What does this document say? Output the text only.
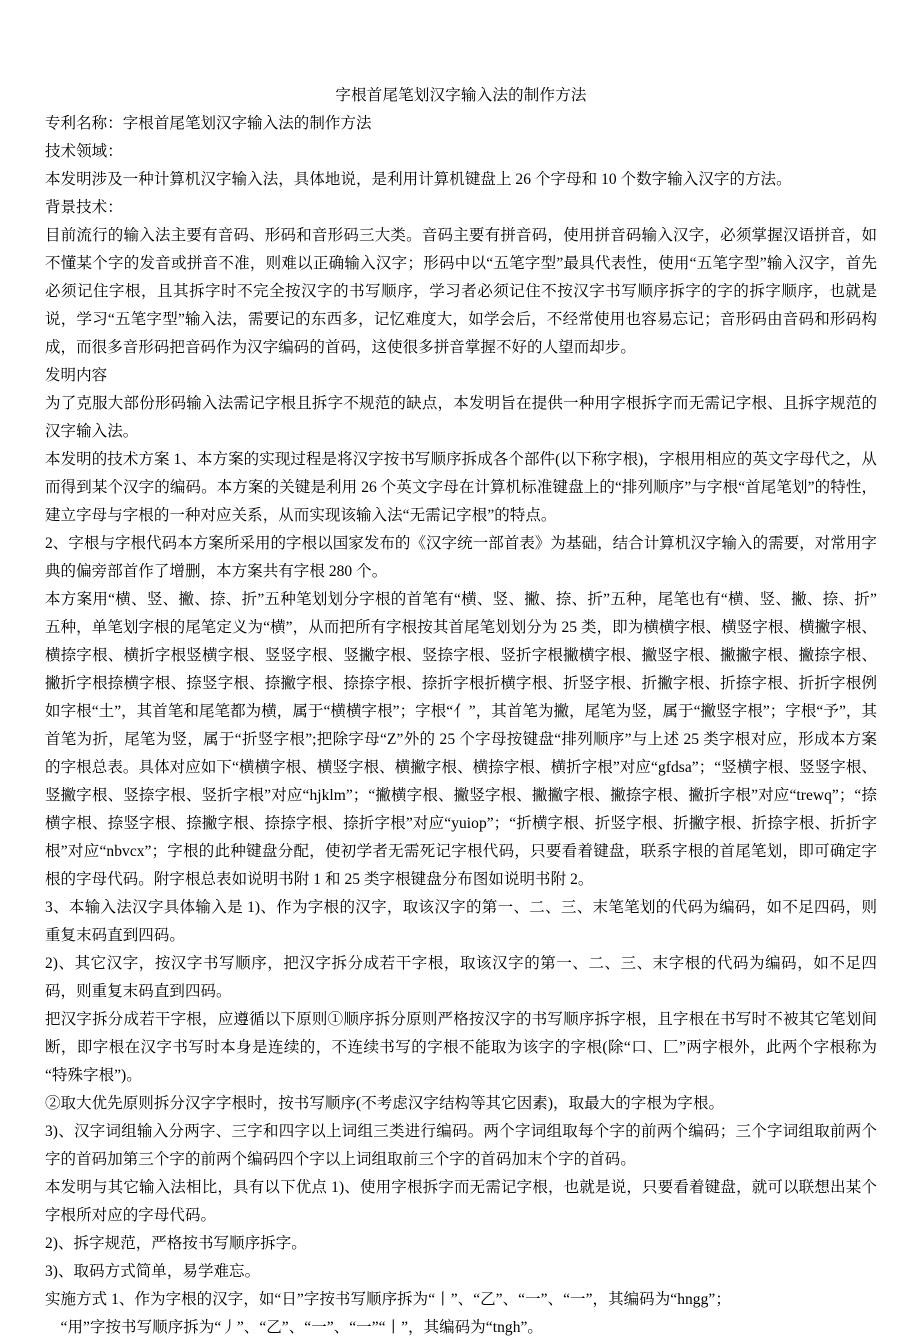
字根首尾笔划汉字输入法的制作方法

专利名称：字根首尾笔划汉字输入法的制作方法

技术领域：

本发明涉及一种计算机汉字输入法，具体地说，是利用计算机键盘上 26 个字母和 10 个数字输入汉字的方法。

背景技术：

目前流行的输入法主要有音码、形码和音形码三大类。音码主要有拼音码，使用拼音码输入汉字，必须掌握汉语拼音，如不懂某个字的发音或拼音不准，则难以正确输入汉字；形码中以“五笔字型”最具代表性，使用“五笔字型”输入汉字，首先必须记住字根，且其拆字时不完全按汉字的书写顺序，学习者必须记住不按汉字书写顺序拆字的字的拆字顺序，也就是说，学习“五笔字型”输入法，需要记的东西多，记忆难度大，如学会后，不经常使用也容易忘记；音形码由音码和形码构成，而很多音形码把音码作为汉字编码的首码，这使很多拼音掌握不好的人望而却步。

发明内容

为了克服大部份形码输入法需记字根且拆字不规范的缺点，本发明旨在提供一种用字根拆字而无需记字根、且拆字规范的汉字输入法。

本发明的技术方案 1、本方案的实现过程是将汉字按书写顺序拆成各个部件(以下称字根)，字根用相应的英文字母代之，从而得到某个汉字的编码。本方案的关键是利用 26 个英文字母在计算机标准键盘上的“排列顺序”与字根“首尾笔划”的特性，建立字母与字根的一种对应关系，从而实现该输入法“无需记字根”的特点。

2、字根与字根代码本方案所采用的字根以国家发布的《汉字统一部首表》为基础，结合计算机汉字输入的需要，对常用字典的偏旁部首作了增删，本方案共有字根 280 个。

本方案用“横、竖、撇、捺、折”五种笔划划分字根的首笔有“横、竖、撇、捺、折”五种，尾笔也有“横、竖、撇、捺、折”五种，单笔划字根的尾笔定义为“横”，从而把所有字根按其首尾笔划划分为 25 类，即为横横字根、横竖字根、横撇字根、横捺字根、横折字根竖横字根、竖竖字根、竖撇字根、竖捺字根、竖折字根撇横字根、撇竖字根、撇撇字根、撇捺字根、撇折字根捺横字根、捺竖字根、捺撇字根、捺捺字根、捺折字根折横字根、折竖字根、折撇字根、折捺字根、折折字根例如字根“土”，其首笔和尾笔都为横，属于“横横字根”；字根“亻”，其首笔为撇，尾笔为竖，属于“撇竖字根”；字根“予”，其首笔为折，尾笔为竖，属于“折竖字根”;把除字母“Z”外的 25 个字母按键盘“排列顺序”与上述 25 类字根对应，形成本方案的字根总表。具体对应如下“横横字根、横竖字根、横撇字根、横捺字根、横折字根”对应“gfdsa”；“竖横字根、竖竖字根、竖撇字根、竖捺字根、竖折字根”对应“hjklm”；“撇横字根、撇竖字根、撇撇字根、撇捺字根、撇折字根”对应“trewq”；“捺横字根、捺竖字根、捺撇字根、捺捺字根、捺折字根”对应“yuiop”；“折横字根、折竖字根、折撇字根、折捺字根、折折字根”对应“nbvcx”；字根的此种键盘分配，使初学者无需死记字根代码，只要看着键盘，联系字根的首尾笔划，即可确定字根的字母代码。附字根总表如说明书附 1 和 25 类字根键盘分布图如说明书附 2。

3、本输入法汉字具体输入是 1)、作为字根的汉字，取该汉字的第一、二、三、末笔笔划的代码为编码，如不足四码，则重复末码直到四码。

2)、其它汉字，按汉字书写顺序，把汉字拆分成若干字根，取该汉字的第一、二、三、末字根的代码为编码，如不足四码，则重复末码直到四码。

把汉字拆分成若干字根，应遵循以下原则①顺序拆分原则严格按汉字的书写顺序拆字根，且字根在书写时不被其它笔划间断，即字根在汉字书写时本身是连续的，不连续书写的字根不能取为该字的字根(除“口、匚”两字根外，此两个字根称为“特殊字根”)。

②取大优先原则拆分汉字字根时，按书写顺序(不考虑汉字结构等其它因素)，取最大的字根为字根。

3)、汉字词组输入分两字、三字和四字以上词组三类进行编码。两个字词组取每个字的前两个编码；三个字词组取前两个字的首码加第三个字的前两个编码四个字以上词组取前三个字的首码加末个字的首码。

本发明与其它输入法相比，具有以下优点 1)、使用字根拆字而无需记字根，也就是说，只要看着键盘，就可以联想出某个字根所对应的字母代码。

2)、拆字规范，严格按书写顺序拆字。

3)、取码方式简单，易学难忘。

实施方式 1、作为字根的汉字，如“日”字按书写顺序拆为“丨”、“乙”、“一”、“一”，其编码为“hngg”；

　“用”字按书写顺序拆为“丿”、“乙”、“一”、“一”“丨”，其编码为“tngh”。
